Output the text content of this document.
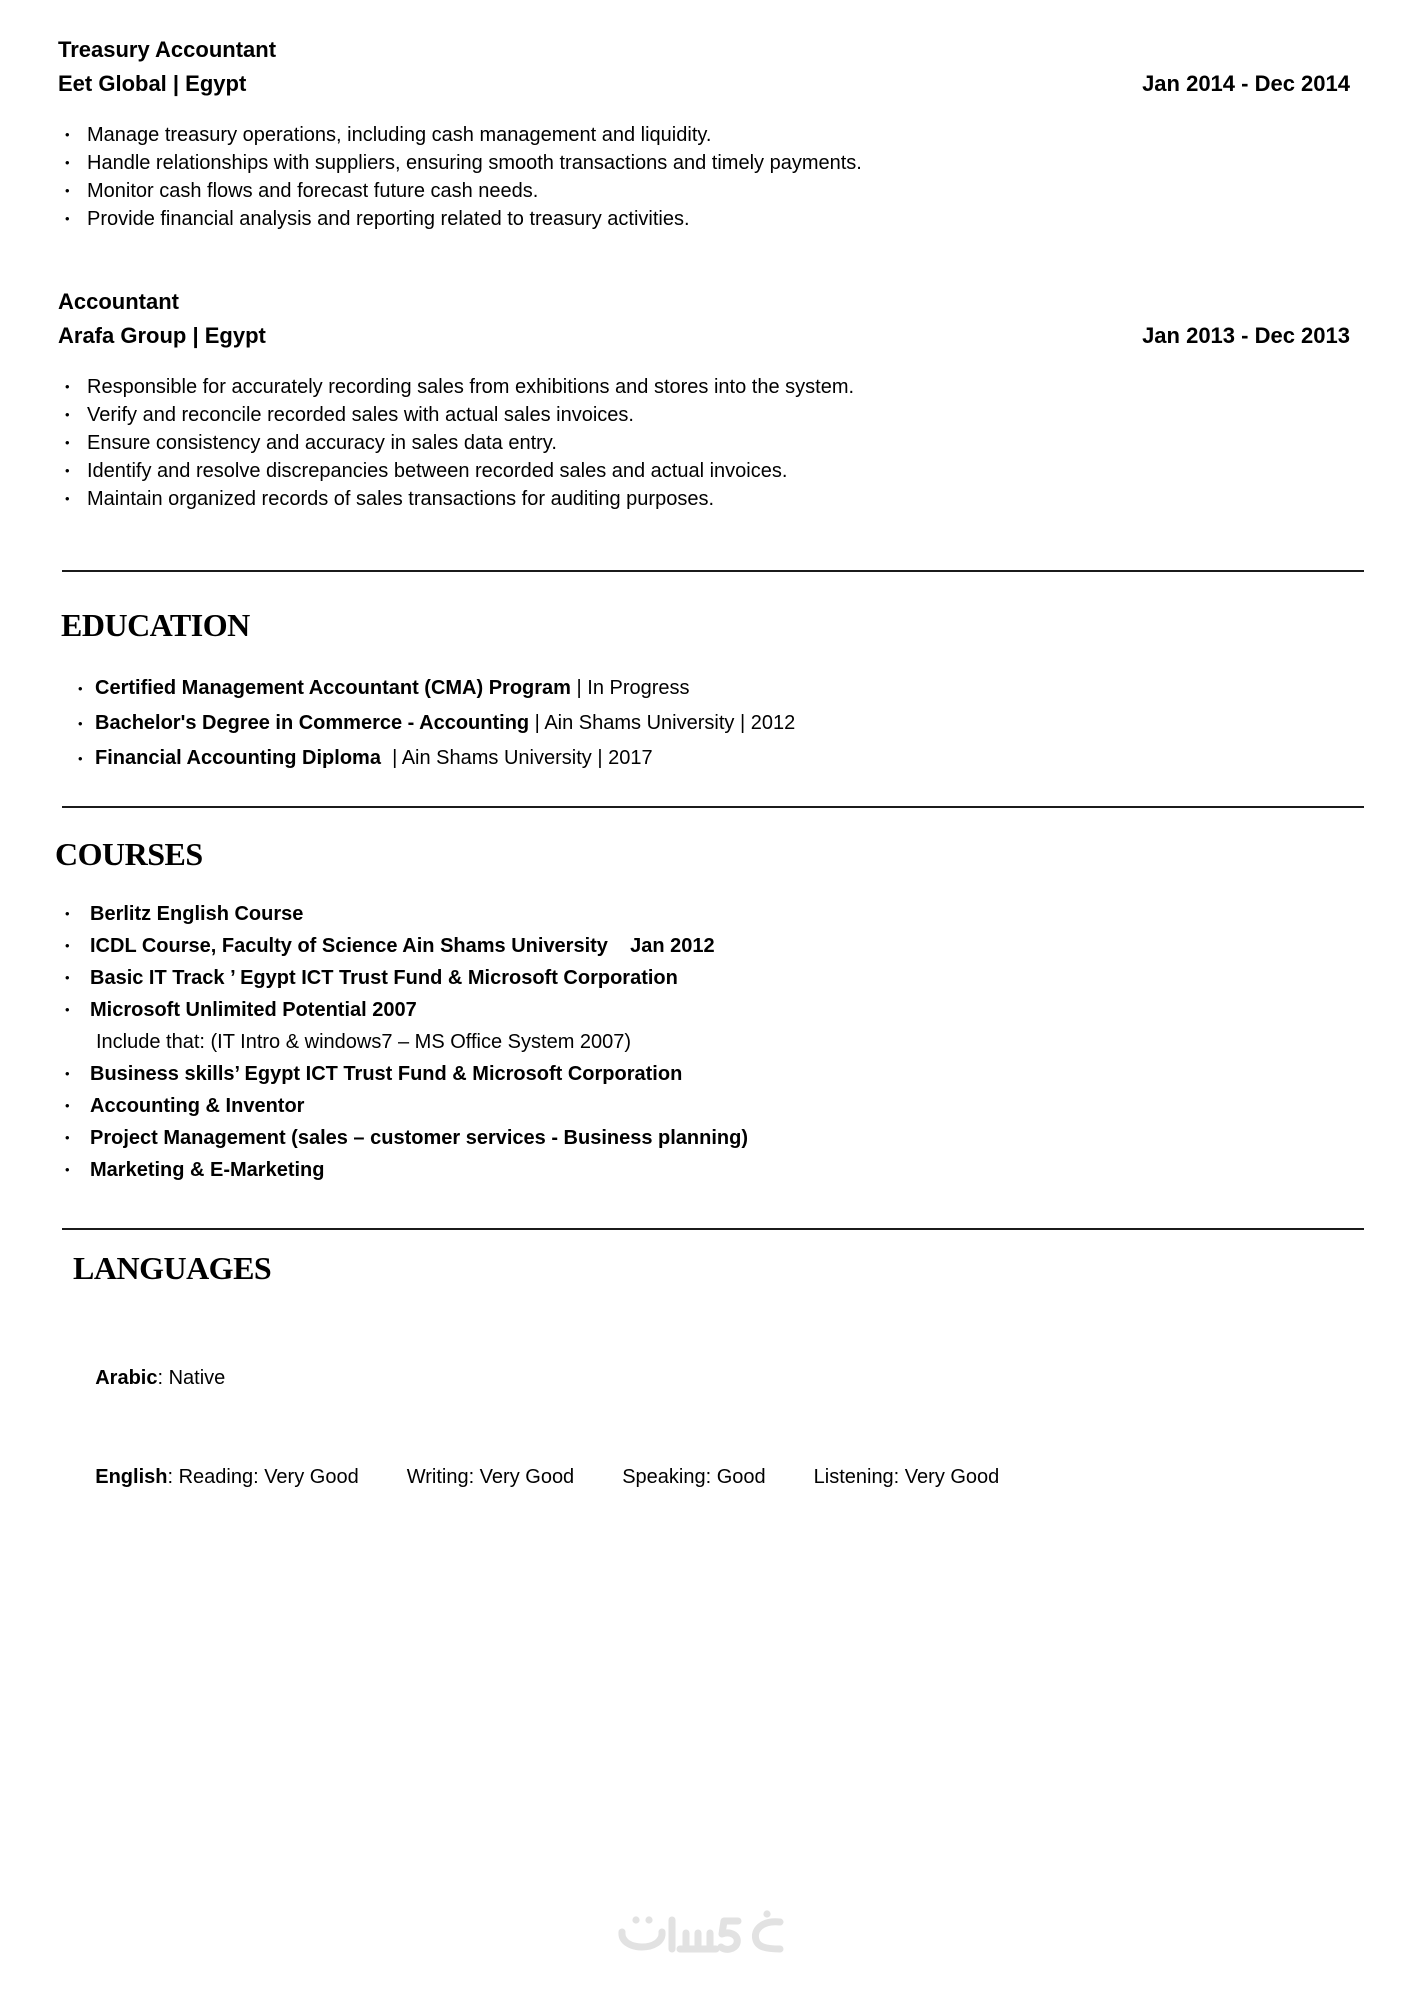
Treasury Accountant
Eet Global | Egypt	Jan 2014 - Dec 2014
• Manage treasury operations, including cash management and liquidity.
• Handle relationships with suppliers, ensuring smooth transactions and timely payments.
• Monitor cash flows and forecast future cash needs.
• Provide financial analysis and reporting related to treasury activities.
Accountant
Arafa Group | Egypt	Jan 2013 - Dec 2013
• Responsible for accurately recording sales from exhibitions and stores into the system.
• Verify and reconcile recorded sales with actual sales invoices.
• Ensure consistency and accuracy in sales data entry.
• Identify and resolve discrepancies between recorded sales and actual invoices.
• Maintain organized records of sales transactions for auditing purposes.
EDUCATION
• Certified Management Accountant (CMA) Program | In Progress
• Bachelor's Degree in Commerce - Accounting | Ain Shams University | 2012
• Financial Accounting Diploma  | Ain Shams University | 2017
COURSES
• Berlitz English Course
• ICDL Course, Faculty of Science Ain Shams University    Jan 2012
• Basic IT Track ’ Egypt ICT Trust Fund & Microsoft Corporation
• Microsoft Unlimited Potential 2007
Include that: (IT Intro & windows7 – MS Office System 2007)
• Business skills’ Egypt ICT Trust Fund & Microsoft Corporation
• Accounting & Inventor
• Project Management (sales – customer services - Business planning)
• Marketing & E-Marketing
LANGUAGES

Arabic: Native

English: Reading: Very Good Writing: Very Good Speaking: Good Listening: Very Good
